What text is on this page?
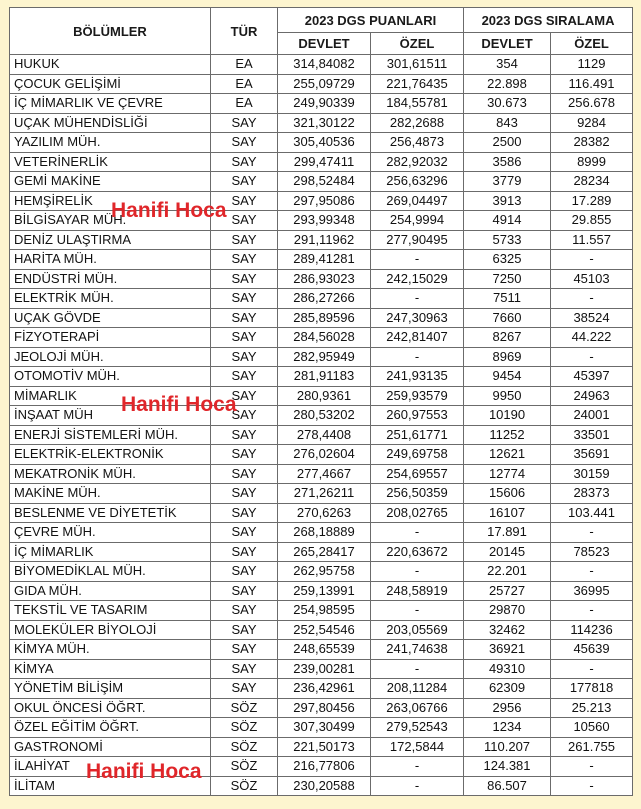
BÖLÜMLER	TÜR	2023 DGS PUANLARI		2023 DGS SIRALAMA	
		DEVLET	ÖZEL	DEVLET	ÖZEL
HUKUK	EA	314,84082	301,61511	354	1129
ÇOCUK GELİŞİMİ	EA	255,09729	221,76435	22.898	116.491
İÇ MİMARLIK VE ÇEVRE	EA	249,90339	184,55781	30.673	256.678
UÇAK MÜHENDİSLİĞİ	SAY	321,30122	282,2688	843	9284
YAZILIM MÜH.	SAY	305,40536	256,4873	2500	28382
VETERİNERLİK	SAY	299,47411	282,92032	3586	8999
GEMİ MAKİNE	SAY	298,52484	256,63296	3779	28234
HEMŞİRELİK	SAY	297,95086	269,04497	3913	17.289
BİLGİSAYAR MÜH.	SAY	293,99348	254,9994	4914	29.855
DENİZ ULAŞTIRMA	SAY	291,11962	277,90495	5733	11.557
HARİTA MÜH.	SAY	289,41281	-	6325	-
ENDÜSTRİ MÜH.	SAY	286,93023	242,15029	7250	45103
ELEKTRİK MÜH.	SAY	286,27266	-	7511	-
UÇAK GÖVDE	SAY	285,89596	247,30963	7660	38524
FİZYOTERAPİ	SAY	284,56028	242,81407	8267	44.222
JEOLOJİ MÜH.	SAY	282,95949	-	8969	-
OTOMOTİV MÜH.	SAY	281,91183	241,93135	9454	45397
MİMARLIK	SAY	280,9361	259,93579	9950	24963
İNŞAAT MÜH	SAY	280,53202	260,97553	10190	24001
ENERJİ SİSTEMLERİ MÜH.	SAY	278,4408	251,61771	11252	33501
ELEKTRİK-ELEKTRONİK	SAY	276,02604	249,69758	12621	35691
MEKATRONİK MÜH.	SAY	277,4667	254,69557	12774	30159
MAKİNE MÜH.	SAY	271,26211	256,50359	15606	28373
BESLENME VE DİYETETİK	SAY	270,6263	208,02765	16107	103.441
ÇEVRE MÜH.	SAY	268,18889	-	17.891	-
İÇ MİMARLIK	SAY	265,28417	220,63672	20145	78523
BİYOMEDİKLAL MÜH.	SAY	262,95758	-	22.201	-
GIDA MÜH.	SAY	259,13991	248,58919	25727	36995
TEKSTİL VE TASARIM	SAY	254,98595	-	29870	-
MOLEKÜLER BİYOLOJİ	SAY	252,54546	203,05569	32462	114236
KİMYA MÜH.	SAY	248,65539	241,74638	36921	45639
KİMYA	SAY	239,00281	-	49310	-
YÖNETİM BİLİŞİM	SAY	236,42961	208,11284	62309	177818
OKUL ÖNCESİ ÖĞRT.	SÖZ	297,80456	263,06766	2956	25.213
ÖZEL EĞİTİM ÖĞRT.	SÖZ	307,30499	279,52543	1234	10560
GASTRONOMİ	SÖZ	221,50173	172,5844	110.207	261.755
İLAHİYAT	SÖZ	216,77806	-	124.381	-
İLİTAM	SÖZ	230,20588	-	86.507	-
Hanifi Hoca
Hanifi Hoca
Hanifi Hoca
